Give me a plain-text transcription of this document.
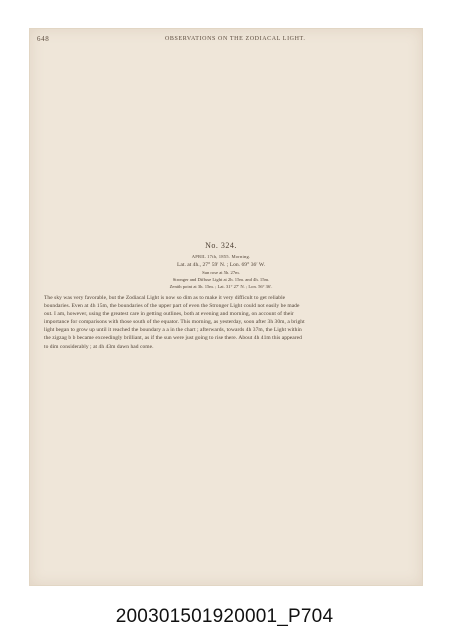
648	OBSERVATIONS ON THE ZODIACAL LIGHT.
No. 324.
APRIL 17th, 1855. Morning.
Lat. at 4h., 27° 59′ N. ; Lon. 69° 36′ W.
Sun rose at 5h. 27m.
Stronger and Diffuse Light at 2h. 15m. and 4h. 15m.
Zenith point at 3h. 15m. ; Lat. 31° 27′ N. ; Lon. 56° 36′.
The sky was very favorable, but the Zodiacal Light is now so dim as to make it very difficult to get reliable
boundaries. Even at 4h 15m, the boundaries of the upper part of even the Stronger Light could not easily be made
out. I am, however, using the greatest care in getting outlines, both at evening and morning, on account of their
importance for comparisons with those south of the equator. This morning, as yesterday, soon after 3h 30m, a bright
light began to grow up until it reached the boundary a a in the chart ; afterwards, towards 4h 37m, the Light within
the zigzag b b became exceedingly brilliant, as if the sun were just going to rise there. About 4h 41m this appeared
to dim considerably ; at 4h 43m dawn had come.
200301501920001_P704
